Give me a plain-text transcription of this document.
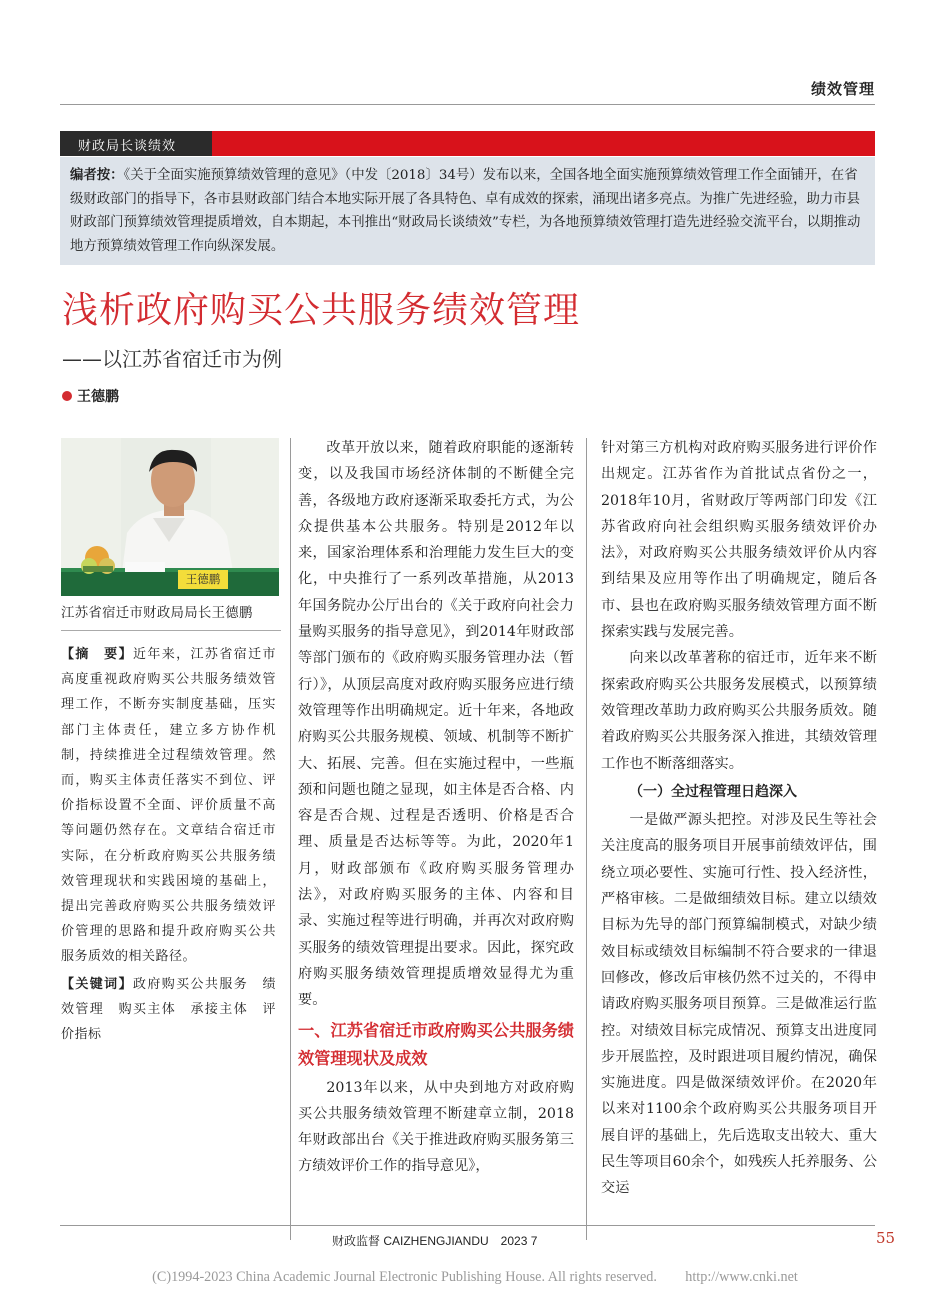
绩效管理
财政局长谈绩效
编者按：《关于全面实施预算绩效管理的意见》（中发〔2018〕34号）发布以来，全国各地全面实施预算绩效管理工作全面铺开，在省级财政部门的指导下，各市县财政部门结合本地实际开展了各具特色、卓有成效的探索，涌现出诸多亮点。为推广先进经验，助力市县财政部门预算绩效管理提质增效，自本期起，本刊推出“财政局长谈绩效”专栏，为各地预算绩效管理打造先进经验交流平台，以期推动地方预算绩效管理工作向纵深发展。
浅析政府购买公共服务绩效管理
——以江苏省宿迁市为例
王德鹏
王德鹏
江苏省宿迁市财政局局长王德鹏
【摘　要】近年来，江苏省宿迁市高度重视政府购买公共服务绩效管理工作，不断夯实制度基础，压实部门主体责任，建立多方协作机制，持续推进全过程绩效管理。然而，购买主体责任落实不到位、评价指标设置不全面、评价质量不高等问题仍然存在。文章结合宿迁市实际，在分析政府购买公共服务绩效管理现状和实践困境的基础上，提出完善政府购买公共服务绩效评价管理的思路和提升政府购买公共服务质效的相关路径。
【关键词】政府购买公共服务　绩效管理　购买主体　承接主体　评价指标

改革开放以来，随着政府职能的逐渐转变，以及我国市场经济体制的不断健全完善，各级地方政府逐渐采取委托方式，为公众提供基本公共服务。特别是2012年以来，国家治理体系和治理能力发生巨大的变化，中央推行了一系列改革措施，从2013年国务院办公厅出台的《关于政府向社会力量购买服务的指导意见》，到2014年财政部等部门颁布的《政府购买服务管理办法（暂行）》，从顶层高度对政府购买服务应进行绩效管理等作出明确规定。近十年来，各地政府购买公共服务规模、领域、机制等不断扩大、拓展、完善。但在实施过程中，一些瓶颈和问题也随之显现，如主体是否合格、内容是否合规、过程是否透明、价格是否合理、质量是否达标等等。为此，2020年1月，财政部颁布《政府购买服务管理办法》，对政府购买服务的主体、内容和目录、实施过程等进行明确，并再次对政府购买服务的绩效管理提出要求。因此，探究政府购买服务绩效管理提质增效显得尤为重要。

一、江苏省宿迁市政府购买公共服务绩效管理现状及成效

2013年以来，从中央到地方对政府购买公共服务绩效管理不断建章立制，2018年财政部出台《关于推进政府购买服务第三方绩效评价工作的指导意见》，

针对第三方机构对政府购买服务进行评价作出规定。江苏省作为首批试点省份之一，2018年10月，省财政厅等两部门印发《江苏省政府向社会组织购买服务绩效评价办法》，对政府购买公共服务绩效评价从内容到结果及应用等作出了明确规定，随后各市、县也在政府购买服务绩效管理方面不断探索实践与发展完善。

向来以改革著称的宿迁市，近年来不断探索政府购买公共服务发展模式，以预算绩效管理改革助力政府购买公共服务质效。随着政府购买公共服务深入推进，其绩效管理工作也不断落细落实。

（一）全过程管理日趋深入

一是做严源头把控。对涉及民生等社会关注度高的服务项目开展事前绩效评估，围绕立项必要性、实施可行性、投入经济性，严格审核。二是做细绩效目标。建立以绩效目标为先导的部门预算编制模式，对缺少绩效目标或绩效目标编制不符合要求的一律退回修改，修改后审核仍然不过关的，不得申请政府购买服务项目预算。三是做准运行监控。对绩效目标完成情况、预算支出进度同步开展监控，及时跟进项目履约情况，确保实施进度。四是做深绩效评价。在2020年以来对1100余个政府购买公共服务项目开展自评的基础上，先后选取支出较大、重大民生等项目60余个，如残疾人托养服务、公交运

财政监督 CAIZHENGJIANDU　2023 7	55
(C)1994-2023 China Academic Journal Electronic Publishing House. All rights reserved.　　http://www.cnki.net
